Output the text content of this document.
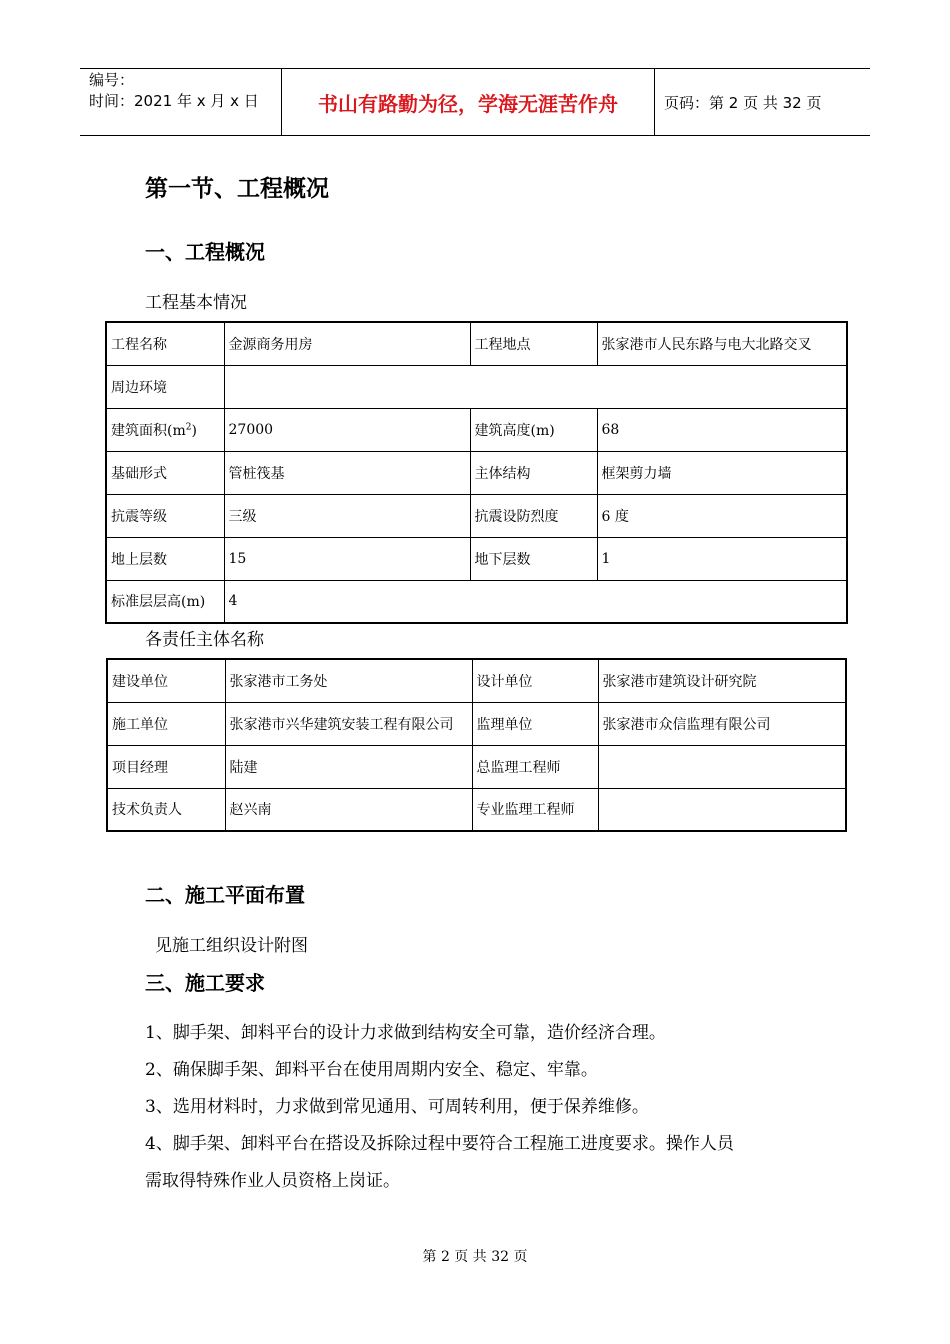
编号：
时间：2021 年 x 月 x 日	书山有路勤为径，学海无涯苦作舟	页码：第 2 页 共 32 页
第一节、工程概况
一、工程概况
工程基本情况
工程名称	金源商务用房	工程地点	张家港市人民东路与电大北路交叉
周边环境			
建筑面积$(m^2)$	27000	建筑高度(m)	68
基础形式	管桩筏基	主体结构	框架剪力墙
抗震等级	三级	抗震设防烈度	6 度
地上层数	15	地下层数	1
标准层层高(m)	4		
各责任主体名称
建设单位	张家港市工务处	设计单位	张家港市建筑设计研究院
施工单位	张家港市兴华建筑安装工程有限公司	监理单位	张家港市众信监理有限公司
项目经理	陆建	总监理工程师	
技术负责人	赵兴南	专业监理工程师	
二、施工平面布置
见施工组织设计附图
三、施工要求
1、脚手架、卸料平台的设计力求做到结构安全可靠，造价经济合理。
2、确保脚手架、卸料平台在使用周期内安全、稳定、牢靠。
3、选用材料时，力求做到常见通用、可周转利用，便于保养维修。
4、脚手架、卸料平台在搭设及拆除过程中要符合工程施工进度要求。操作人员
需取得特殊作业人员资格上岗证。
第 2 页 共 32 页
